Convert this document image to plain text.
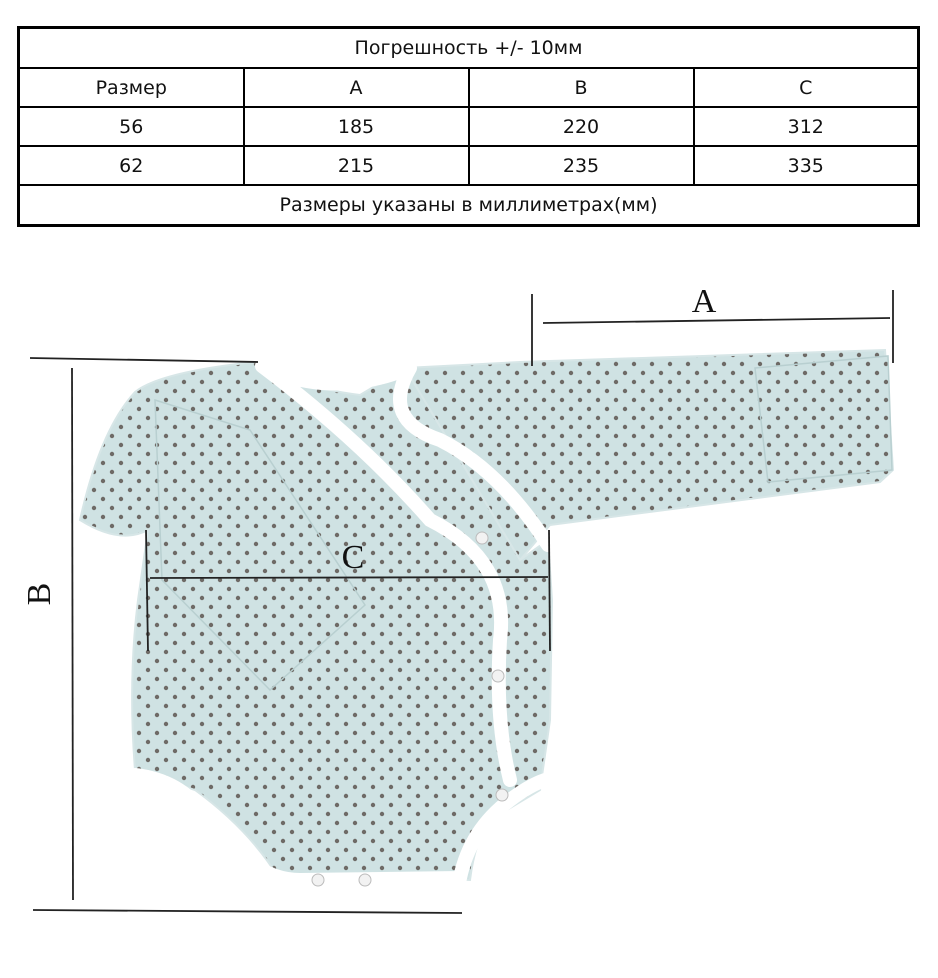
Погрешность +/- 10мм			
Размер	A	B	C
56	185	220	312
62	215	235	335
Размеры указаны в миллиметрах(мм)			
A
B
C
